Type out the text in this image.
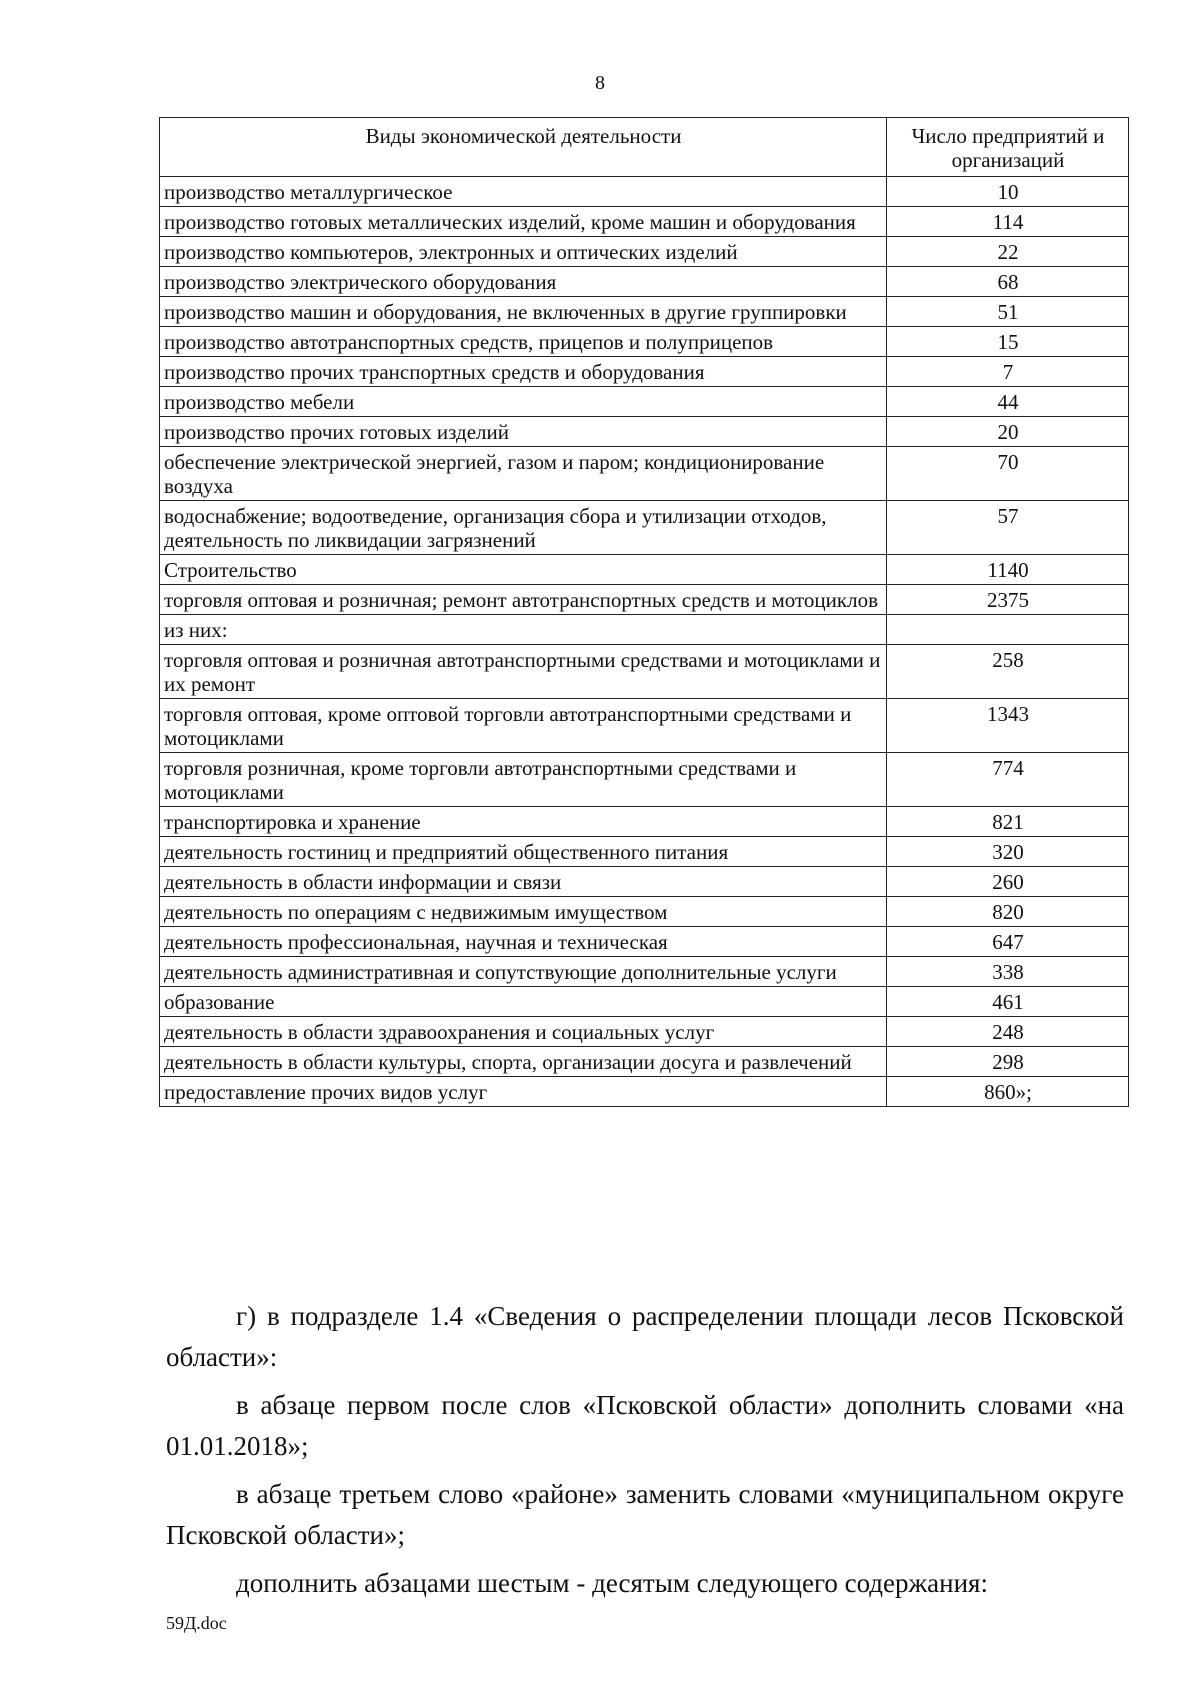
8
Виды экономической деятельности	Число предприятий и организаций
производство металлургическое	10
производство готовых металлических изделий, кроме машин и оборудования	114
производство компьютеров, электронных и оптических изделий	22
производство электрического оборудования	68
производство машин и оборудования, не включенных в другие группировки	51
производство автотранспортных средств, прицепов и полуприцепов	15
производство прочих транспортных средств и оборудования	7
производство мебели	44
производство прочих готовых изделий	20
обеспечение электрической энергией, газом и паром; кондиционирование воздуха	70
водоснабжение; водоотведение, организация сбора и утилизации отходов, деятельность по ликвидации загрязнений	57
Строительство	1140
торговля оптовая и розничная; ремонт автотранспортных средств и мотоциклов	2375
из них:	
торговля оптовая и розничная автотранспортными средствами и мотоциклами и их ремонт	258
торговля оптовая, кроме оптовой торговли автотранспортными средствами и мотоциклами	1343
торговля розничная, кроме торговли автотранспортными средствами и мотоциклами	774
транспортировка и хранение	821
деятельность гостиниц и предприятий общественного питания	320
деятельность в области информации и связи	260
деятельность по операциям с недвижимым имуществом	820
деятельность профессиональная, научная и техническая	647
деятельность административная и сопутствующие дополнительные услуги	338
образование	461
деятельность в области здравоохранения и социальных услуг	248
деятельность в области культуры, спорта, организации досуга и развлечений	298
предоставление прочих видов услуг	860»;

г) в подразделе 1.4 «Сведения о распределении площади лесов Псковской области»:

в абзаце первом после слов «Псковской области» дополнить словами «на 01.01.2018»;

в абзаце третьем слово «районе» заменить словами «муниципальном округе Псковской области»;

дополнить абзацами шестым - десятым следующего содержания:

59Д.doc
